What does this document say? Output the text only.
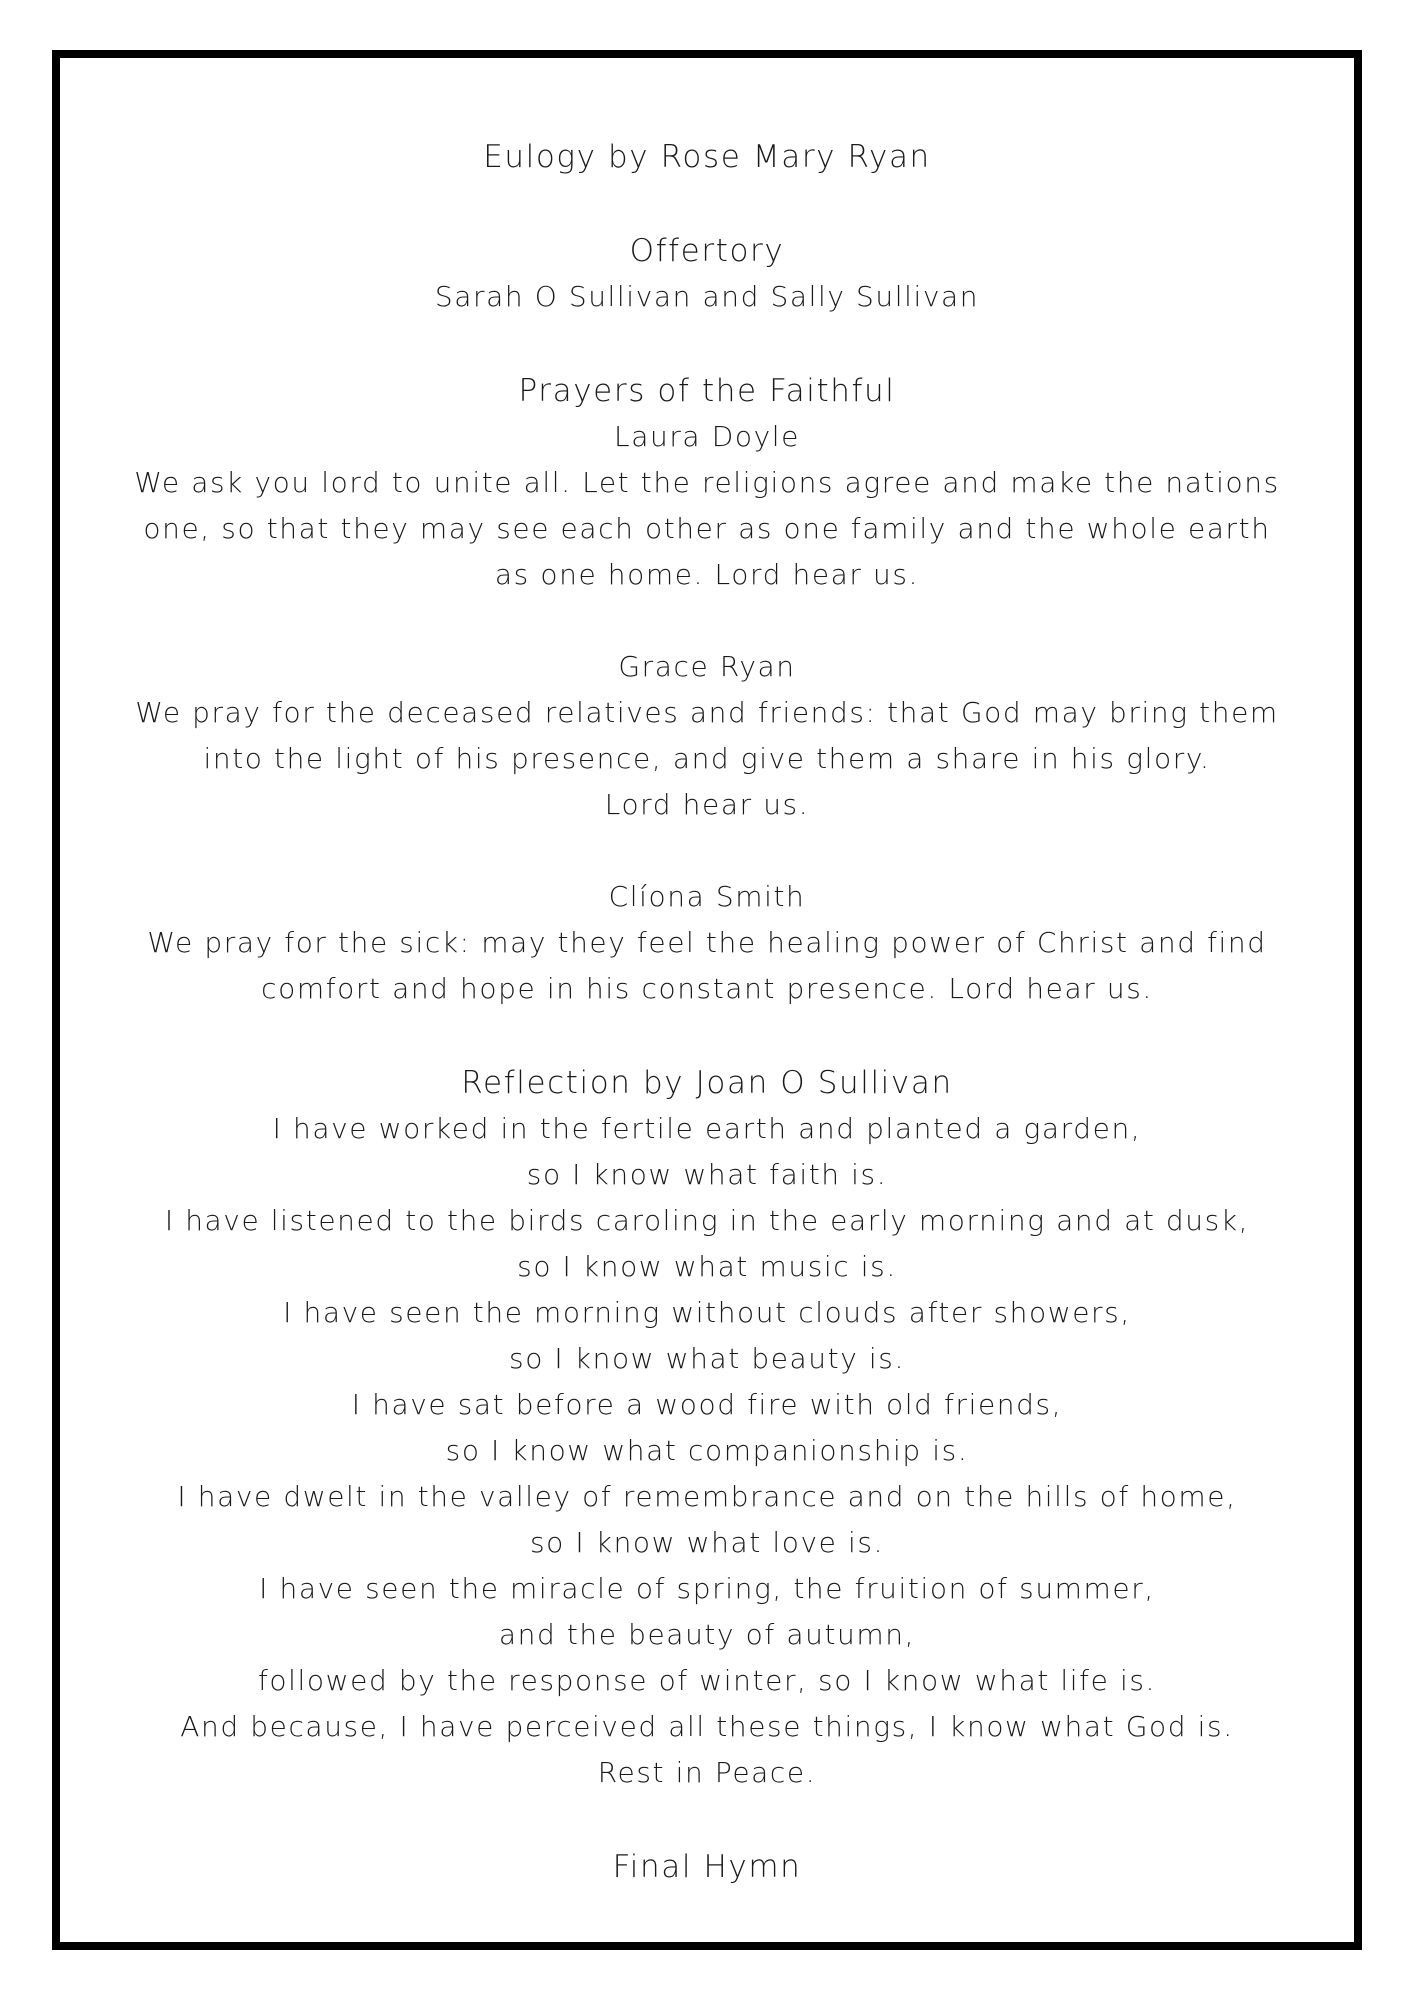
Eulogy by Rose Mary Ryan
Offertory
Sarah O Sullivan and Sally Sullivan
Prayers of the Faithful
Laura Doyle
We ask you lord to unite all. Let the religions agree and make the nations
one, so that they may see each other as one family and the whole earth
as one home. Lord hear us.
Grace Ryan
We pray for the deceased relatives and friends: that God may bring them
into the light of his presence, and give them a share in his glory.
Lord hear us.
Clíona Smith
We pray for the sick: may they feel the healing power of Christ and find
comfort and hope in his constant presence. Lord hear us.
Reflection by Joan O Sullivan
I have worked in the fertile earth and planted a garden,
so I know what faith is.
I have listened to the birds caroling in the early morning and at dusk,
so I know what music is.
I have seen the morning without clouds after showers,
so I know what beauty is.
I have sat before a wood fire with old friends,
so I know what companionship is.
I have dwelt in the valley of remembrance and on the hills of home,
so I know what love is.
I have seen the miracle of spring, the fruition of summer,
and the beauty of autumn,
followed by the response of winter, so I know what life is.
And because, I have perceived all these things, I know what God is.
Rest in Peace.
Final Hymn
